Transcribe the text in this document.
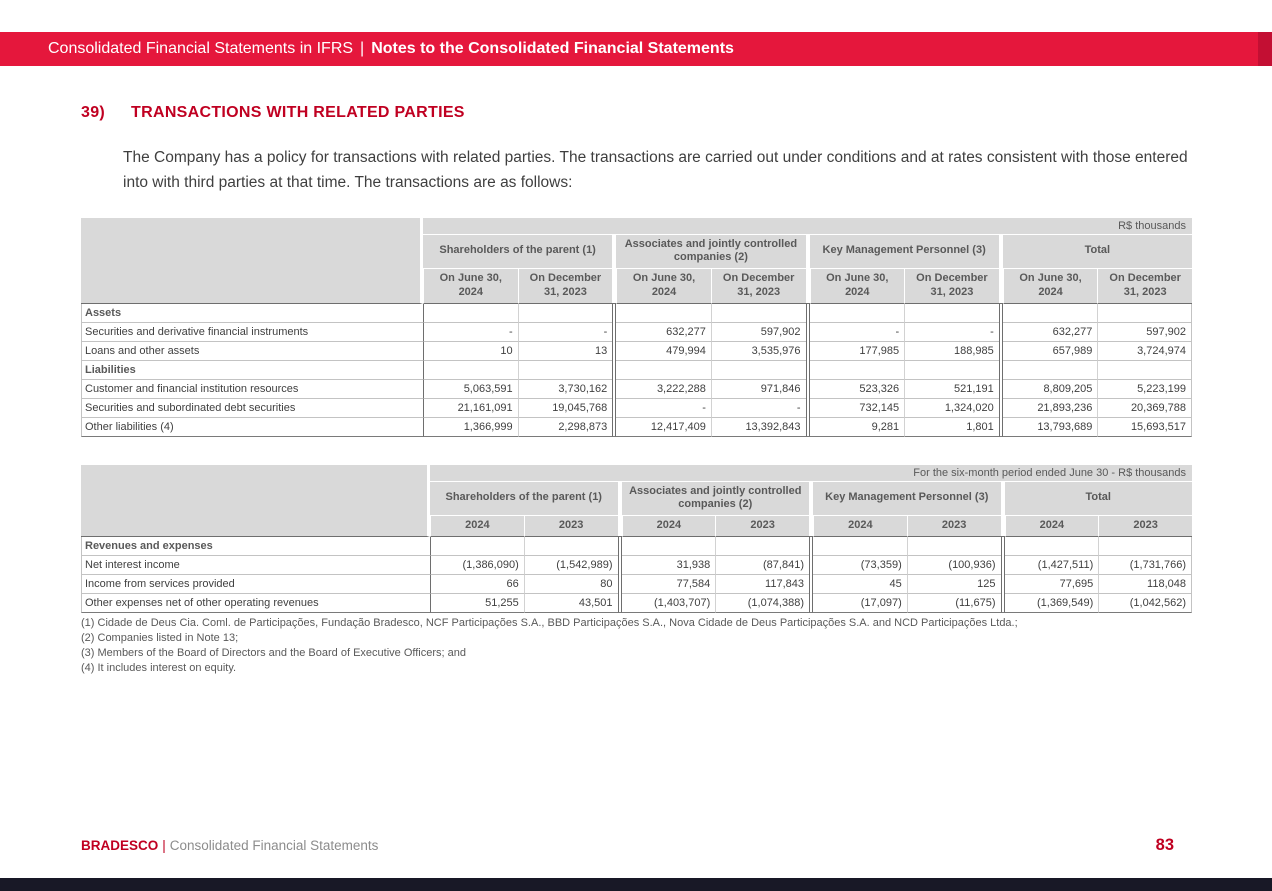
Consolidated Financial Statements in IFRS | Notes to the Consolidated Financial Statements
39) TRANSACTIONS WITH RELATED PARTIES

The Company has a policy for transactions with related parties. The transactions are carried out under conditions and at rates consistent with those entered into with third parties at that time. The transactions are as follows:

	R$ thousands										
	Shareholders of the parent (1)			Associates and jointly controlled companies (2)			Key Management Personnel (3)			Total	
	On June 30, 2024	On December 31, 2023		On June 30, 2024	On December 31, 2023		On June 30, 2024	On December 31, 2023		On June 30, 2024	On December 31, 2023
Assets											
Securities and derivative financial instruments	-	-		632,277	597,902		-	-		632,277	597,902
Loans and other assets	10	13		479,994	3,535,976		177,985	188,985		657,989	3,724,974
Liabilities											
Customer and financial institution resources	5,063,591	3,730,162		3,222,288	971,846		523,326	521,191		8,809,205	5,223,199
Securities and subordinated debt securities	21,161,091	19,045,768		-	-		732,145	1,324,020		21,893,236	20,369,788
Other liabilities (4)	1,366,999	2,298,873		12,417,409	13,392,843		9,281	1,801		13,793,689	15,693,517
	For the six-month period ended June 30 - R$ thousands										
	Shareholders of the parent (1)			Associates and jointly controlled companies (2)			Key Management Personnel (3)			Total	
	2024	2023		2024	2023		2024	2023		2024	2023
Revenues and expenses											
Net interest income	(1,386,090)	(1,542,989)		31,938	(87,841)		(73,359)	(100,936)		(1,427,511)	(1,731,766)
Income from services provided	66	80		77,584	117,843		45	125		77,695	118,048
Other expenses net of other operating revenues	51,255	43,501		(1,403,707)	(1,074,388)		(17,097)	(11,675)		(1,369,549)	(1,042,562)
(1) Cidade de Deus Cia. Coml. de Participações, Fundação Bradesco, NCF Participações S.A., BBD Participações S.A., Nova Cidade de Deus Participações S.A. and NCD Participações Ltda.;
(2) Companies listed in Note 13;
(3) Members of the Board of Directors and the Board of Executive Officers; and
(4) It includes interest on equity.
BRADESCO | Consolidated Financial Statements	83
